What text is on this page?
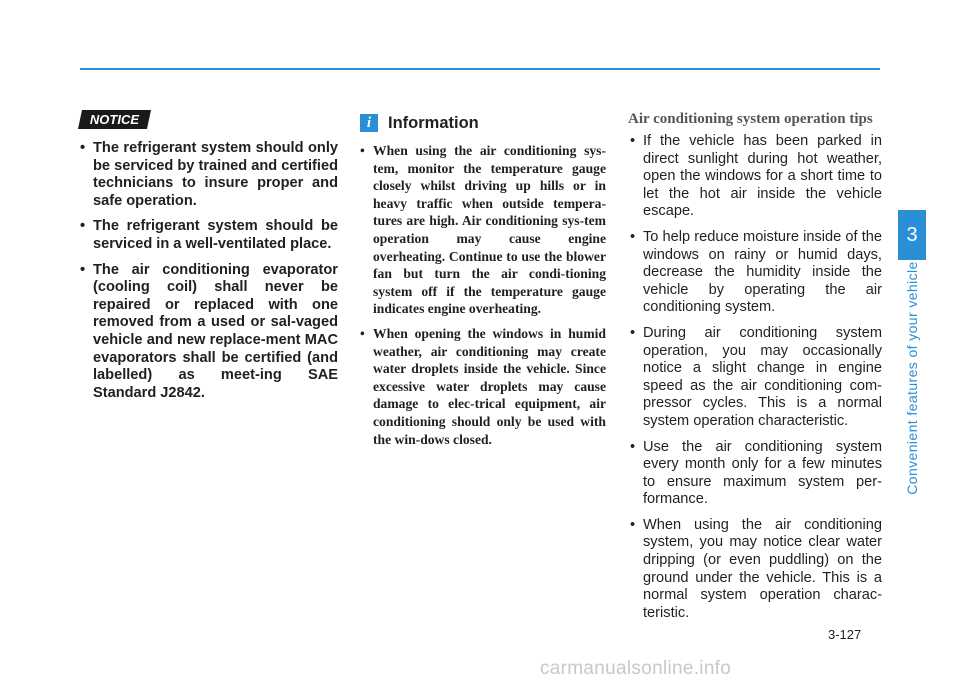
NOTICE
• The refrigerant system should only be serviced by trained and certified technicians to insure proper and safe operation.
• The refrigerant system should be serviced in a well-ventilated place.
• The air conditioning evaporator (cooling coil) shall never be repaired or replaced with one removed from a used or sal-vaged vehicle and new replace-ment MAC evaporators shall be certified (and labelled) as meet-ing SAE Standard J2842.
i	Information
• When using the air conditioning sys-tem, monitor the temperature gauge closely whilst driving up hills or in heavy traffic when outside tempera-tures are high. Air conditioning sys-tem operation may cause engine overheating. Continue to use the blower fan but turn the air condi-tioning system off if the temperature gauge indicates engine overheating.
• When opening the windows in humid weather, air conditioning may create water droplets inside the vehicle. Since excessive water droplets may cause damage to elec-trical equipment, air conditioning should only be used with the win-dows closed.
Air conditioning system operation tips
• If the vehicle has been parked in direct sunlight during hot weather, open the windows for a short time to let the hot air inside the vehicle escape.
• To help reduce moisture inside of the windows on rainy or humid days, decrease the humidity inside the vehicle by operating the air conditioning system.
• During air conditioning system operation, you may occasionally notice a slight change in engine speed as the air conditioning com-pressor cycles. This is a normal system operation characteristic.
• Use the air conditioning system every month only for a few minutes to ensure maximum system per-formance.
• When using the air conditioning system, you may notice clear water dripping (or even puddling) on the ground under the vehicle. This is a normal system operation charac-teristic.
3
Convenient features of your vehicle
3-127
carmanualsonline.info
